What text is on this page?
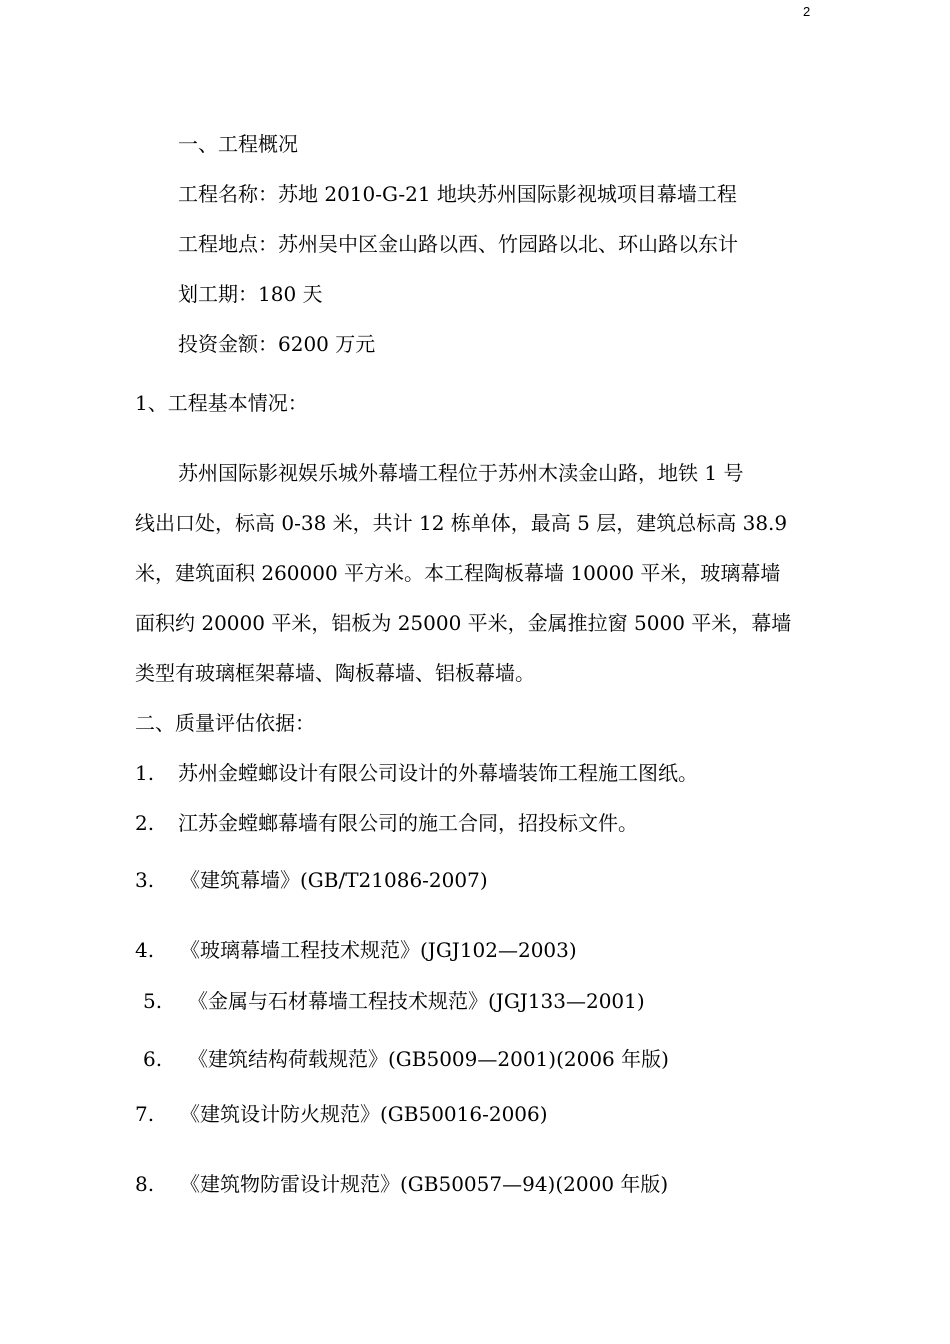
2
一、工程概况
工程名称：苏地 2010-G-21 地块苏州国际影视城项目幕墙工程
工程地点：苏州吴中区金山路以西、竹园路以北、环山路以东计
划工期：180 天
投资金额：6200 万元
1、工程基本情况：
苏州国际影视娱乐城外幕墙工程位于苏州木渎金山路，地铁 1 号
线出口处，标高 0-38 米，共计 12 栋单体，最高 5 层，建筑总标高 38.9
米，建筑面积 260000 平方米。本工程陶板幕墙 10000 平米，玻璃幕墙
面积约 20000 平米，铝板为 25000 平米，金属推拉窗 5000 平米，幕墙
类型有玻璃框架幕墙、陶板幕墙、铝板幕墙。
二、质量评估依据：
1. 苏州金螳螂设计有限公司设计的外幕墙装饰工程施工图纸。
2. 江苏金螳螂幕墙有限公司的施工合同，招投标文件。
3. 《建筑幕墙》(GB/T21086-2007)
4. 《玻璃幕墙工程技术规范》(JGJ102—2003)
5. 《金属与石材幕墙工程技术规范》(JGJ133—2001)
6. 《建筑结构荷载规范》(GB5009—2001)(2006 年版)
7. 《建筑设计防火规范》(GB50016-2006)
8. 《建筑物防雷设计规范》(GB50057—94)(2000 年版)
